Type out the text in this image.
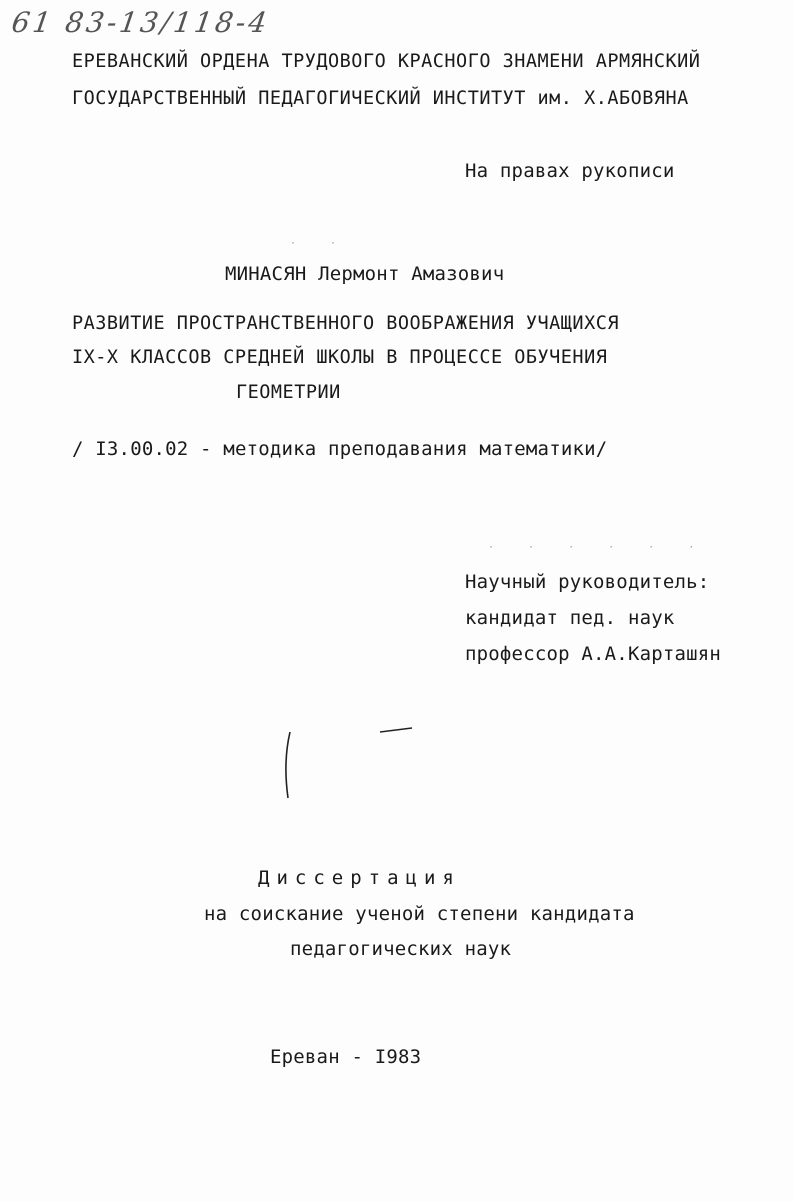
61 83-13/118-4
ЕРЕВАНСКИЙ ОРДЕНА ТРУДОВОГО КРАСНОГО ЗНАМЕНИ АРМЯНСКИЙ
ГОСУДАРСТВЕННЫЙ ПЕДАГОГИЧЕСКИЙ ИНСТИТУТ им. Х.АБОВЯНА
На правах рукописи
· ·
МИНАСЯН Лермонт Амазович
РАЗВИТИЕ ПРОСТРАНСТВЕННОГО ВООБРАЖЕНИЯ УЧАЩИХСЯ
IX-X КЛАССОВ СРЕДНЕЙ ШКОЛЫ В ПРОЦЕССЕ ОБУЧЕНИЯ
ГЕОМЕТРИИ
/ I3.00.02 - методика преподавания математики/
· · · · · ·
Научный руководитель:
кандидат пед. наук
профессор А.А.Карташян
Диссертация
на соискание ученой степени кандидата
педагогических наук
Ереван - I983
